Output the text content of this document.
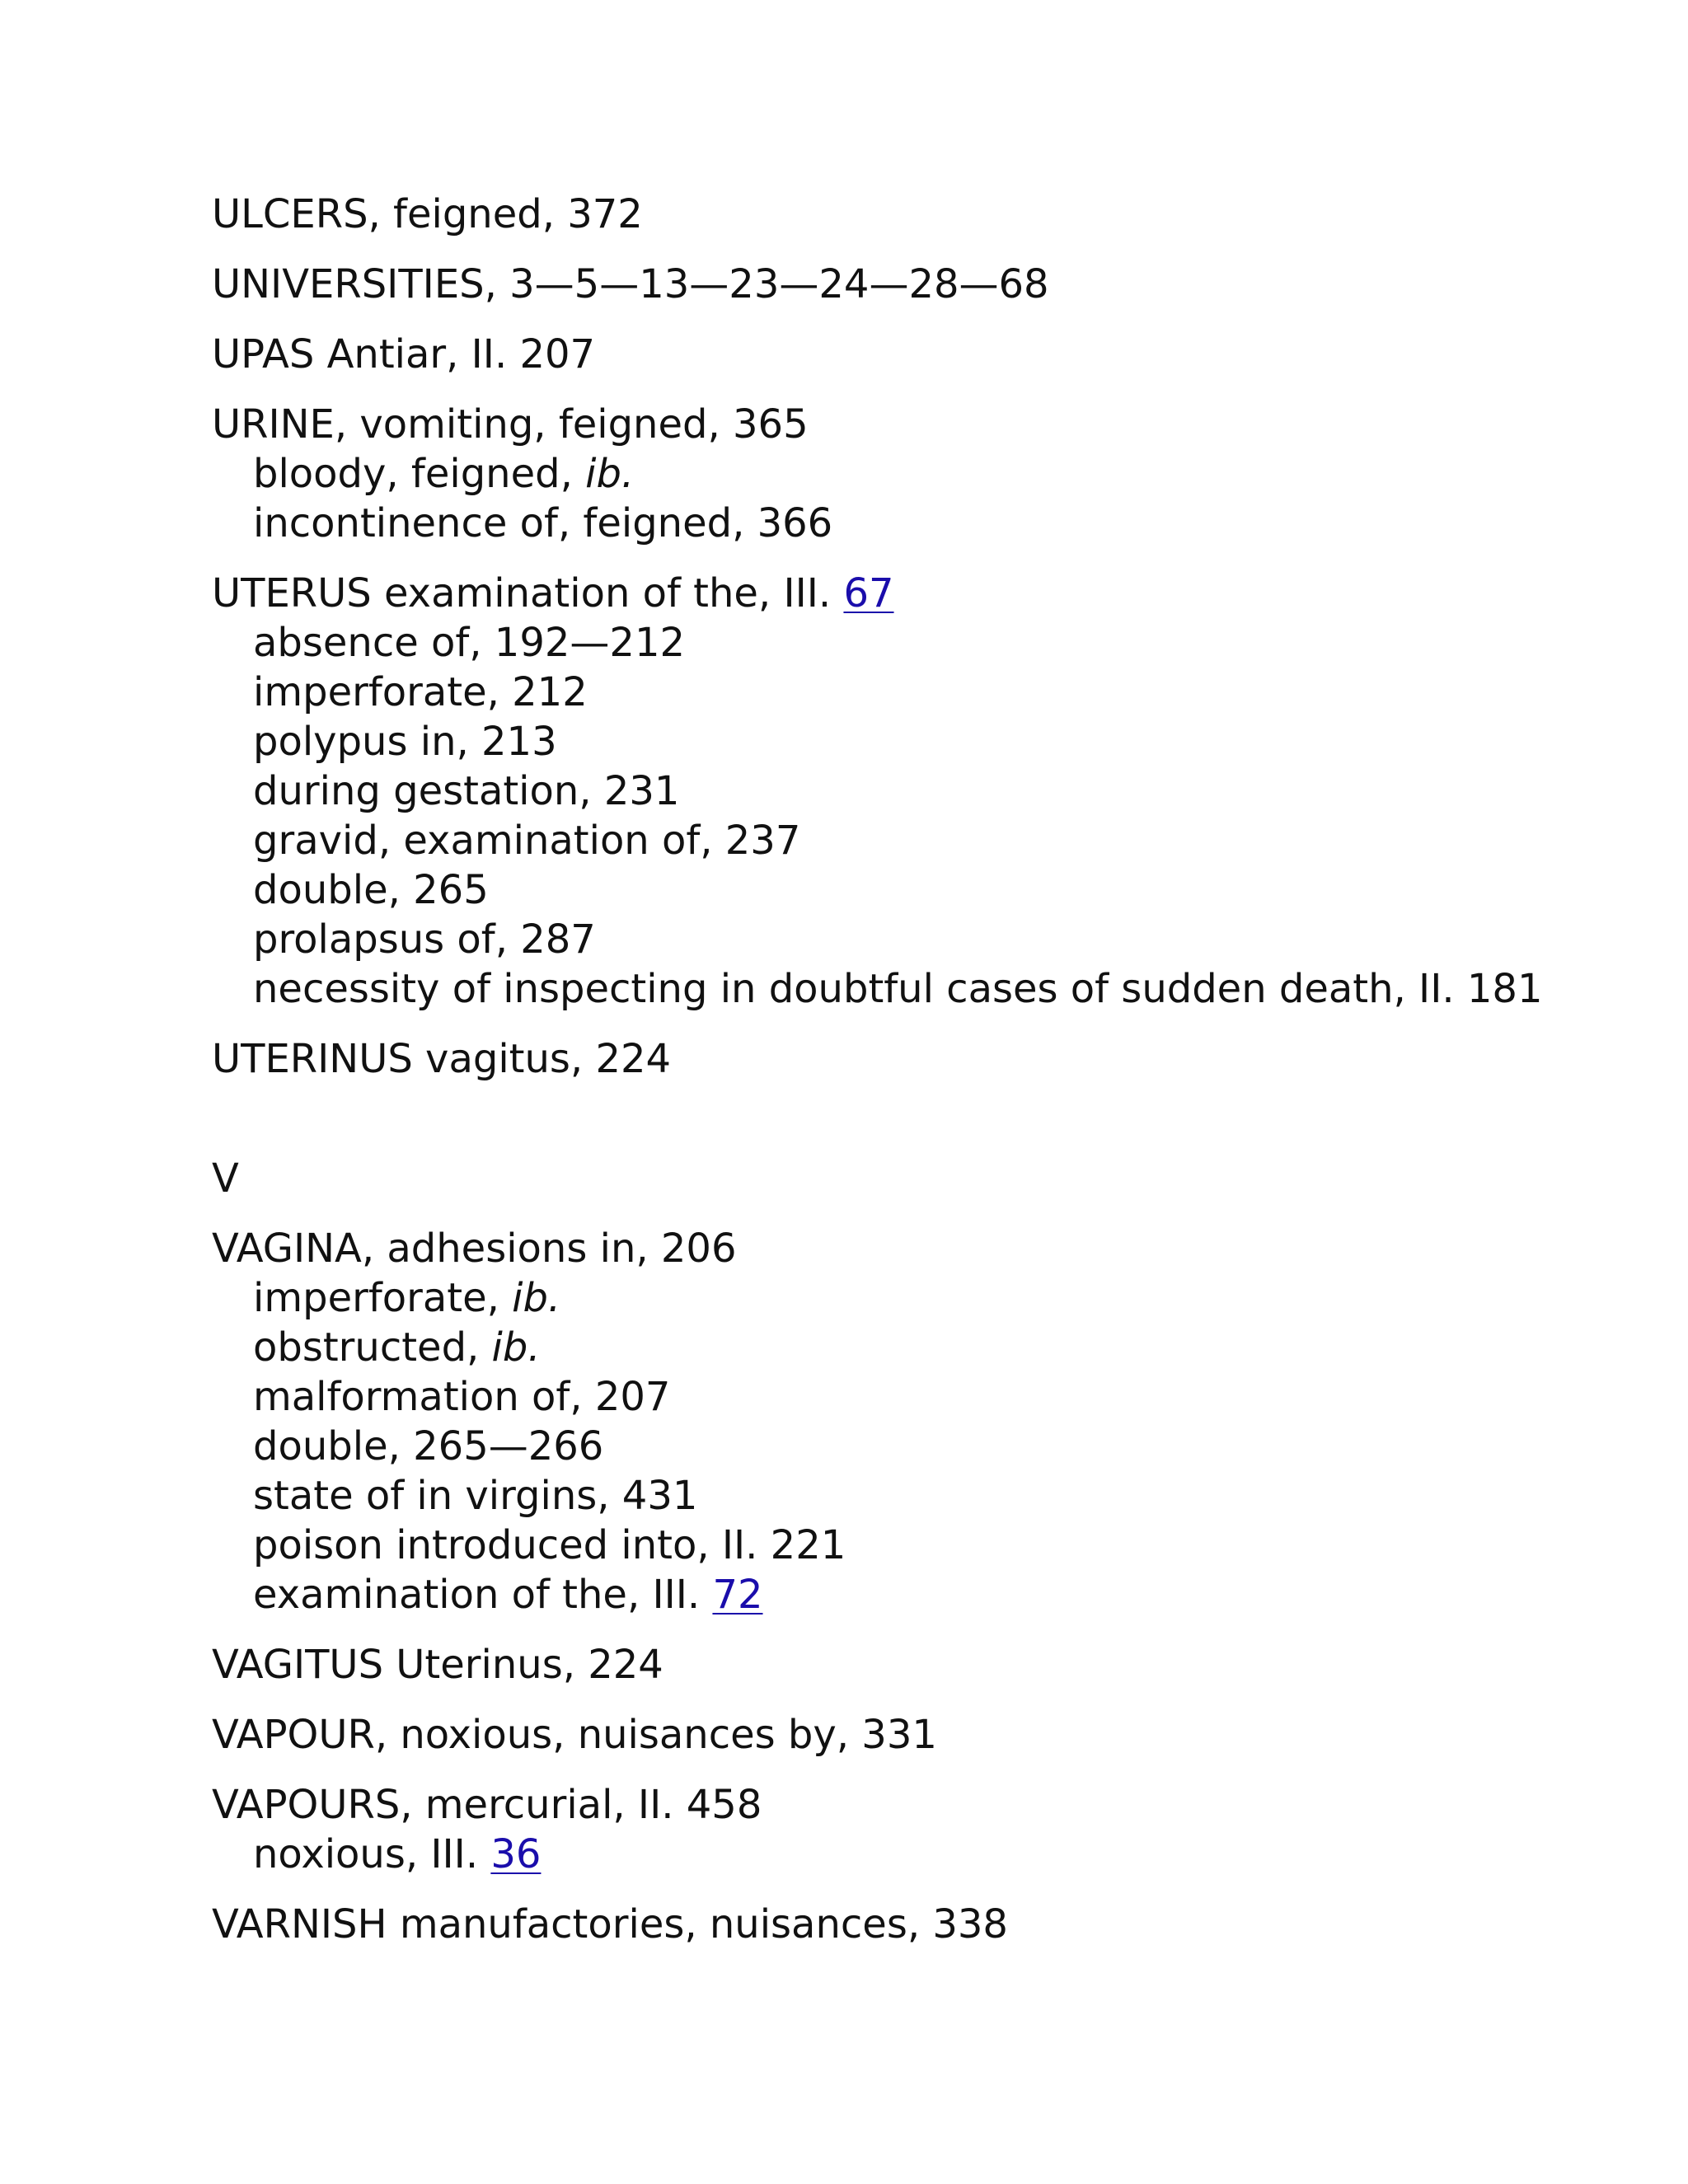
ULCERS, feigned, 372
UNIVERSITIES, 3—5—13—23—24—28—68
UPAS Antiar, II. 207
URINE, vomiting, feigned, 365
bloody, feigned, ib.
incontinence of, feigned, 366
UTERUS examination of the, III. 67
absence of, 192—212
imperforate, 212
polypus in, 213
during gestation, 231
gravid, examination of, 237
double, 265
prolapsus of, 287
necessity of inspecting in doubtful cases of sudden death, II. 181
UTERINUS vagitus, 224
V
VAGINA, adhesions in, 206
imperforate, ib.
obstructed, ib.
malformation of, 207
double, 265—266
state of in virgins, 431
poison introduced into, II. 221
examination of the, III. 72
VAGITUS Uterinus, 224
VAPOUR, noxious, nuisances by, 331
VAPOURS, mercurial, II. 458
noxious, III. 36
VARNISH manufactories, nuisances, 338
